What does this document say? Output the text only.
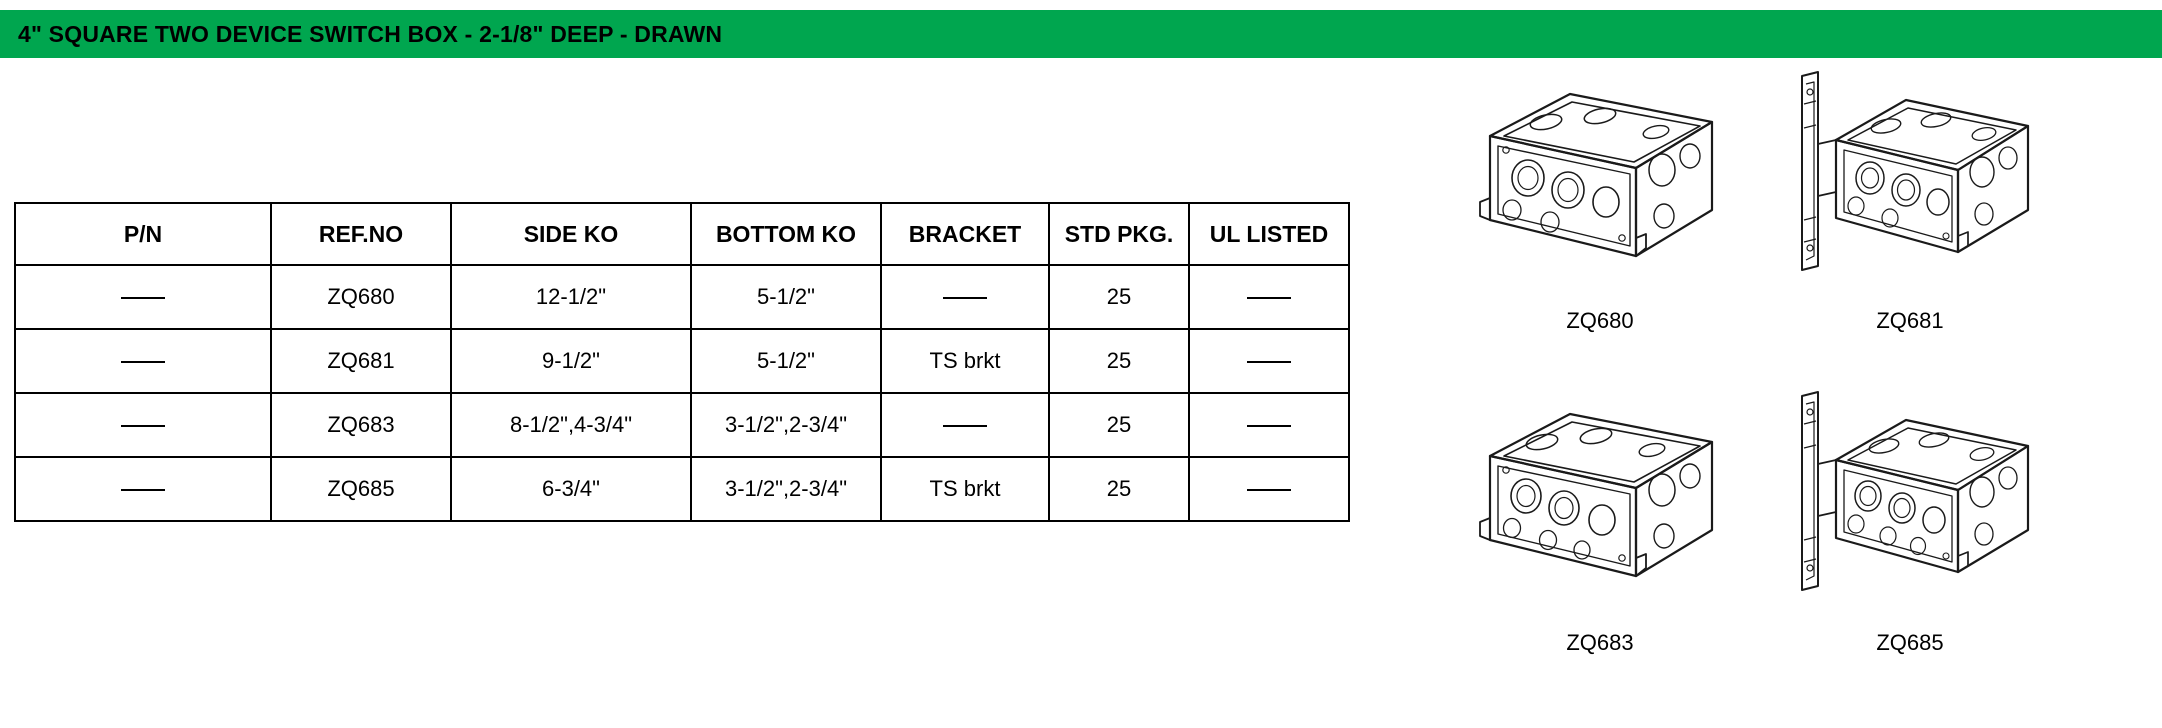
4" SQUARE TWO DEVICE SWITCH BOX - 2-1/8" DEEP - DRAWN
P/N	REF.NO	SIDE KO	BOTTOM KO	BRACKET	STD PKG.	UL LISTED
	ZQ680	12-1/2"	5-1/2"		25	
	ZQ681	9-1/2"	5-1/2"	TS brkt	25	
	ZQ683	8-1/2",4-3/4"	3-1/2",2-3/4"		25	
	ZQ685	6-3/4"	3-1/2",2-3/4"	TS brkt	25	
ZQ680	ZQ681
ZQ683	ZQ685
